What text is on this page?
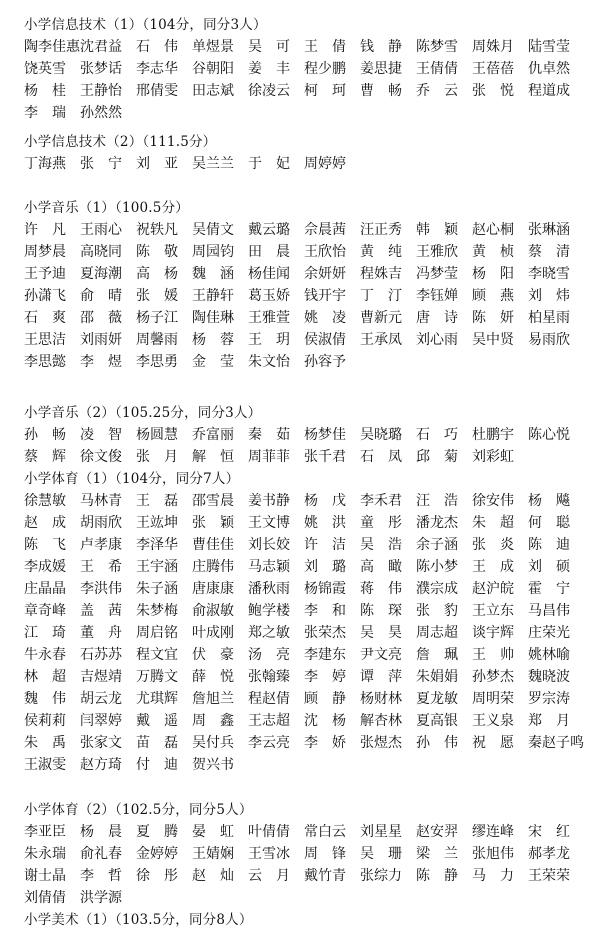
小学信息技术（1）（104分，同分3人）
陶李佳惠 沈君益	石　伟	单煜景	吴　可	王　倩	钱　静	陈梦雪	周姝月	陆雪莹
饶英雪	张梦话	李志华	谷朝阳	姜　丰	程少鹏	姜思捷	王倩倩	王蓓蓓	仇卓然
杨　桂	王静怡	邢倩雯	田志斌	徐凌云	柯　珂	曹　畅	乔　云	张　悦	程道成
李　瑞	孙然然
小学信息技术（2）（111.5分）
丁海燕	张　宁	刘　亚	吴兰兰	于　妃	周婷婷
小学音乐（1）（100.5分）
许　凡	王雨心	祝轶凡	吴倩文	戴云璐	佘晨茜	汪正秀	韩　颖	赵心桐	张琳涵
周梦晨	高晓同	陈　敬	周园钧	田　晨	王欣怡	黄　纯	王雅欣	黄　桢	蔡　清
王予迪	夏海潮	高　杨	魏　涵	杨佳闻	余妍妍	程姝吉	冯梦莹	杨　阳	李晓雪
孙潇飞	俞　晴	张　媛	王静轩	葛玉娇	钱开宇	丁　汀	李钰婵	顾　燕	刘　炜
石　爽	邵　薇	杨子江	陶佳琳	王雅萱	姚　凌	曹新元	唐　诗	陈　妍	柏星雨
王思洁	刘雨妍	周馨雨	杨　蓉	王　玥	侯淑倩	王承凤	刘心雨	吴中贤	易雨欣
李思懿	李　煜	李思勇	金　莹	朱文怡	孙容予
小学音乐（2）（105.25分，同分3人）
孙　畅	凌　智	杨圆慧	乔富丽	秦　茹	杨梦佳	吴晓璐	石　巧	杜鹏宇	陈心悦
蔡　辉	徐文俊	张　月	解　恒	周菲菲	张千君	石　凤	邱　菊	刘彩虹
小学体育（1）（104分，同分7人）
徐慧敏	马林青	王　磊	邵雪晨	姜书静	杨　戊	李禾君	汪　浩	徐安伟	杨　飚
赵　成	胡雨欣	王竑坤	张　颖	王文博	姚　洪	童　彤	潘龙杰	朱　超	何　聪
陈　飞	卢孝康	李泽华	曹佳佳	刘长姣	许　洁	吴　浩	余子涵	张　炎	陈　迪
李成媛	王　希	王宇涵	庄腾伟	马志颖	刘　璐	高　瞰	陈小梦	王　成	刘　硕
庄晶晶	李洪伟	朱子涵	唐康康	潘秋雨	杨锦霞	蒋　伟	濮宗成	赵沪皖	霍　宁
章奇峰	盖　茜	朱梦梅	俞淑敏	鲍学楼	李　和	陈　琛	张　豹	王立东	马昌伟
江　琦	董　舟	周启铭	叶成刚	郑之敏	张荣杰	吴　昊	周志超	谈宇辉	庄荣光
牛永春	石苏苏	程文宜	伏　豪	汤　亮	李建东	尹文亮	詹　珮	王　帅	姚林喻
林　超	吉煜靖	万腾文	薛　悦	张翰臻	李　婷	谭　萍	朱娟娟	孙梦杰	魏晓波
魏　伟	胡云龙	尤琪辉	詹旭兰	程赵倩	顾　静	杨财林	夏龙敏	周明荣	罗宗涛
侯莉莉	闫翠婷	戴　遥	周　鑫	王志超	沈　杨	解杏林	夏高银	王义泉	郑　月
朱　禹	张家文	苗　磊	吴付兵	李云亮	李　娇	张煜杰	孙　伟	祝　愿	秦赵子鸣
王淑雯	赵方琦	付　迪	贺兴书
小学体育（2）（102.5分，同分5人）
李亚臣	杨　晨	夏　腾	晏　虹	叶倩倩	常白云	刘星星	赵安羿	缪连峰	宋　红
朱永瑞	俞礼春	金婷婷	王婧娴	王雪冰	周　锋	吴　珊	梁　兰	张旭伟	郝孝龙
谢士晶	李　哲	徐　彤	赵　灿	云　月	戴竹青	张综力	陈　静	马　力	王荣荣
刘倩倩	洪学源
小学美术（1）（103.5分，同分8人）
